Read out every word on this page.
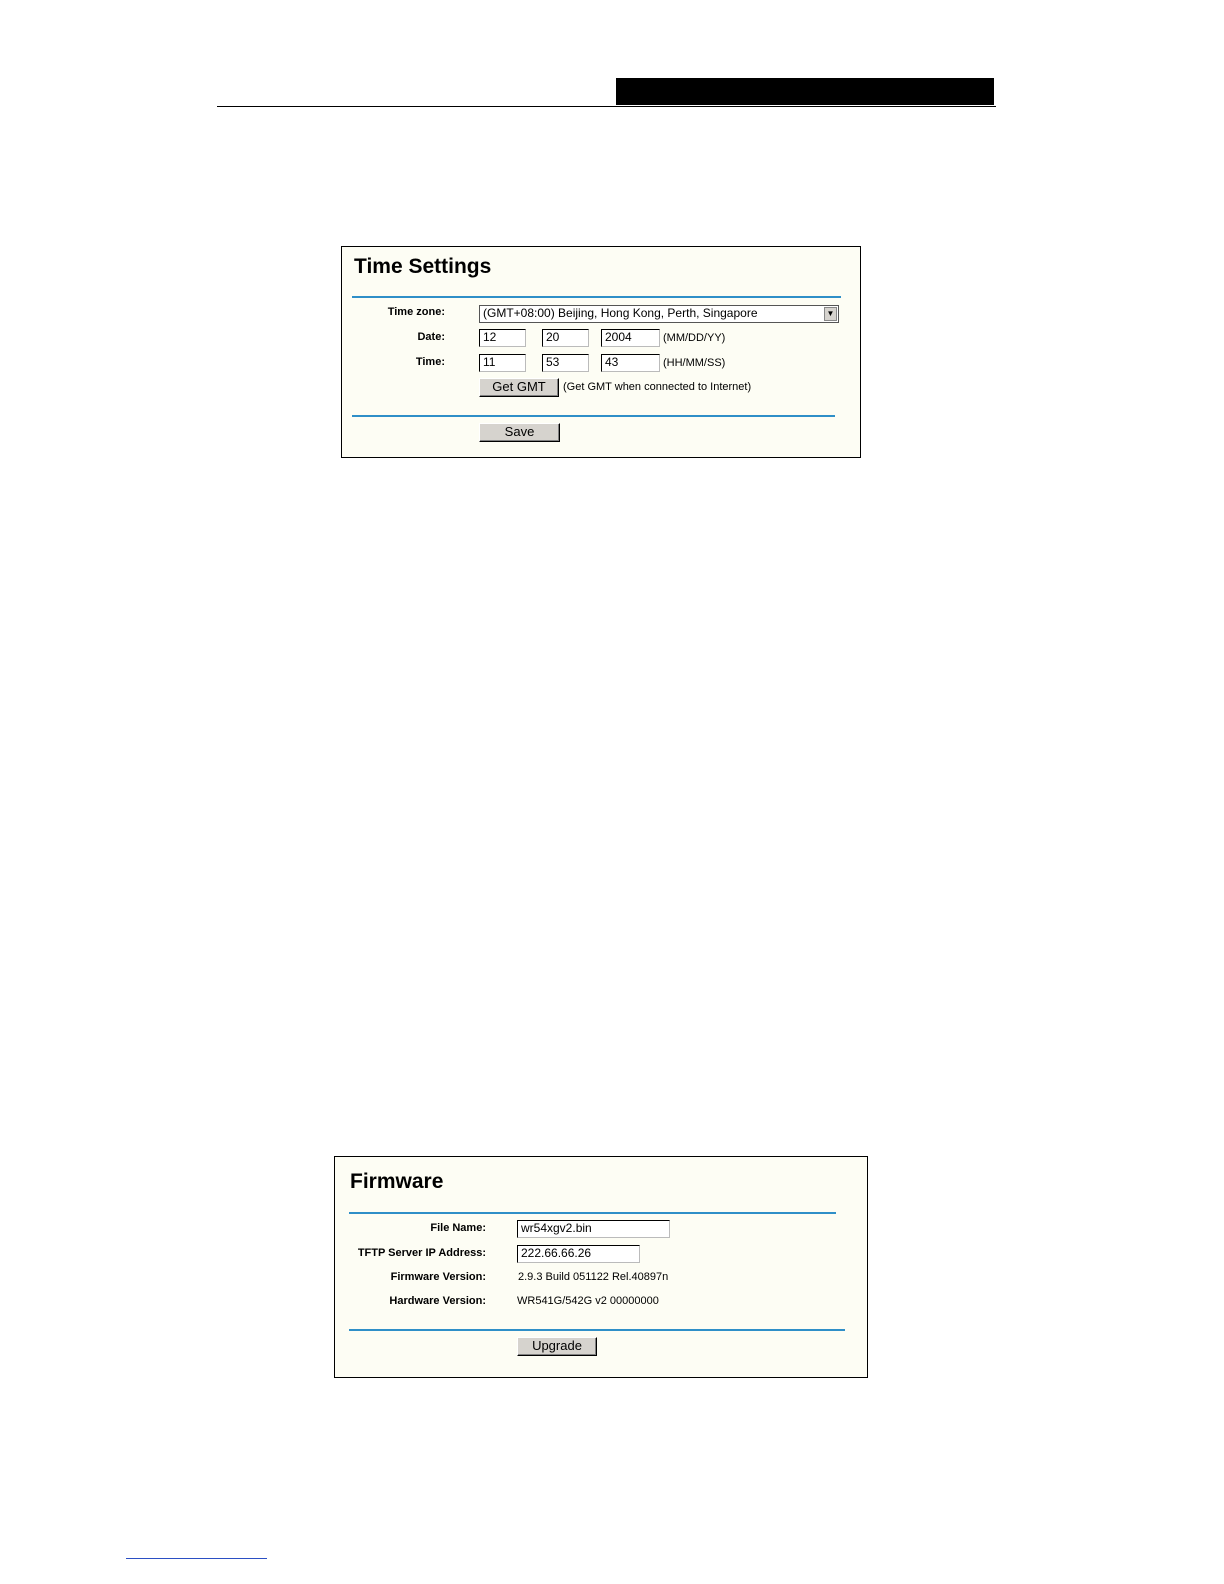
Time Settings
Time zone:	(GMT+08:00) Beijing, Hong Kong, Perth, Singapore	▼
Date:	12	20	2004	(MM/DD/YY)
Time:	11	53	43	(HH/MM/SS)
Get GMT	(Get GMT when connected to Internet)
Save
Firmware
File Name:	wr54xgv2.bin
TFTP Server IP Address:	222.66.66.26
Firmware Version:	2.9.3 Build 051122 Rel.40897n
Hardware Version:	WR541G/542G v2 00000000
Upgrade
